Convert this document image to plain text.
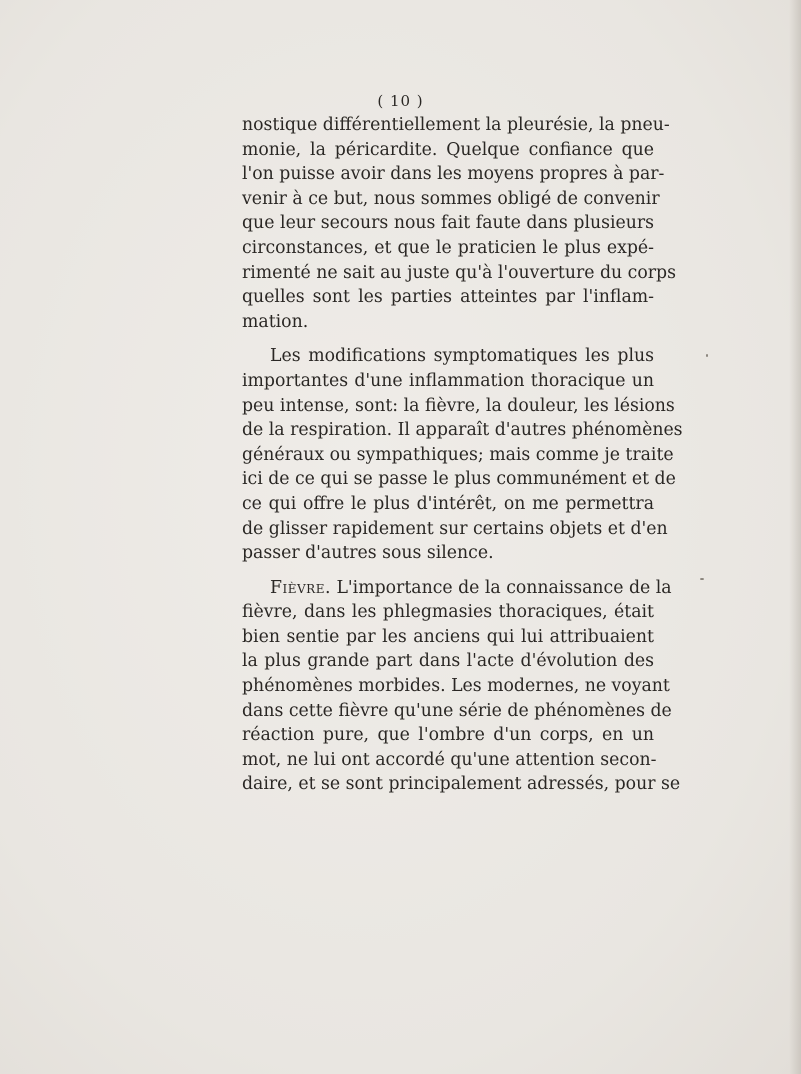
( 10 )

nostique différentiellement la pleurésie, la pneu-
monie, la péricardite. Quelque confiance que
l'on puisse avoir dans les moyens propres à par-
venir à ce but, nous sommes obligé de convenir
que leur secours nous fait faute dans plusieurs
circonstances, et que le praticien le plus expé-
rimenté ne sait au juste qu'à l'ouverture du corps
quelles sont les parties atteintes par l'inflam-
mation.

Les modifications symptomatiques les plus
importantes d'une inflammation thoracique un
peu intense, sont: la fièvre, la douleur, les lésions
de la respiration. Il apparaît d'autres phénomènes
généraux ou sympathiques; mais comme je traite
ici de ce qui se passe le plus communément et de
ce qui offre le plus d'intérêt, on me permettra
de glisser rapidement sur certains objets et d'en
passer d'autres sous silence.

Fièvre. L'importance de la connaissance de la
fièvre, dans les phlegmasies thoraciques, était
bien sentie par les anciens qui lui attribuaient
la plus grande part dans l'acte d'évolution des
phénomènes morbides. Les modernes, ne voyant
dans cette fièvre qu'une série de phénomènes de
réaction pure, que l'ombre d'un corps, en un
mot, ne lui ont accordé qu'une attention secon-
daire, et se sont principalement adressés, pour se
